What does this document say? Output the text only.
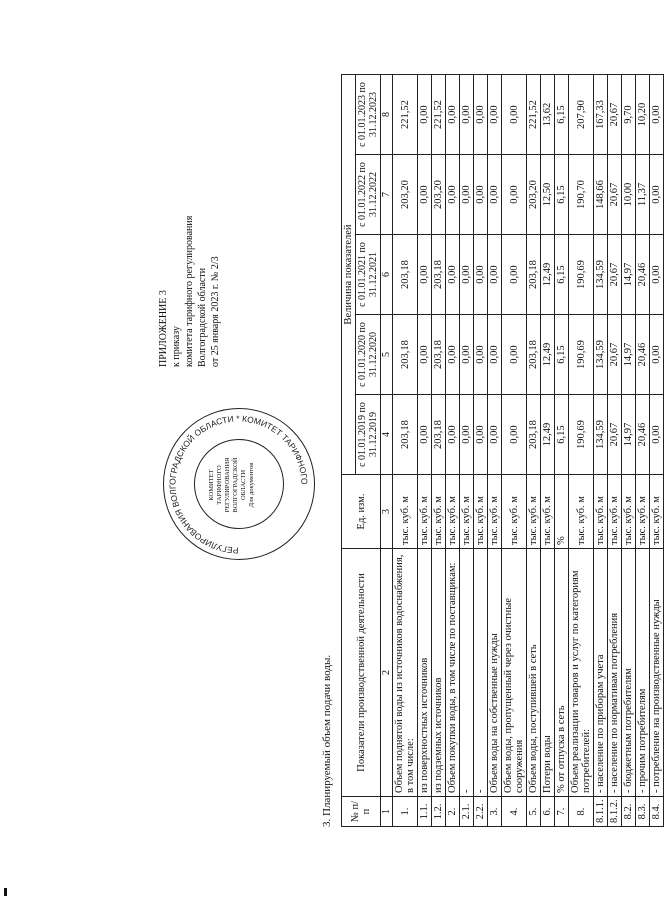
ПРИЛОЖЕНИЕ 3 к приказу комитета тарифного регулирования Волгоградской области от 25 января 2023 г. № 2/3
РЕГУЛИРОВАНИЯ ВОЛГОГРАДСКОЙ ОБЛАСТИ * КОМИТЕТ ТАРИФНОГО
КОМИТЕТ ТАРИФНОГО РЕГУЛИРОВАНИЯ ВОЛГОГРАДСКОЙ ОБЛАСТИ Для документов
3. Планируемый объем подачи воды. № п/п	Показатели производственной деятельности	Ед. изм.	Величина показателей				
			с 01.01.2019 по 31.12.2019	с 01.01.2020 по 31.12.2020	с 01.01.2021 по 31.12.2021	с 01.01.2022 по 31.12.2022	с 01.01.2023 по 31.12.2023
1	2	3	4	5	6	7	8
1.	Объем поднятой воды из источников водоснабжения, в том числе:	тыс. куб. м	203,18	203,18	203,18	203,20	221,52
1.1.	из поверхностных источников	тыс. куб. м	0,00	0,00	0,00	0,00	0,00
1.2.	из подземных источников	тыс. куб. м	203,18	203,18	203,18	203,20	221,52
2.	Объем покупки воды, в том числе по поставщикам:	тыс. куб. м	0,00	0,00	0,00	0,00	0,00
2.1.	-	тыс. куб. м	0,00	0,00	0,00	0,00	0,00
2.2.	-	тыс. куб. м	0,00	0,00	0,00	0,00	0,00
3.	Объем воды на собственные нужды	тыс. куб. м	0,00	0,00	0,00	0,00	0,00
4.	Объем воды, пропущенный через очистные сооружения	тыс. куб. м	0,00	0,00	0,00	0,00	0,00
5.	Объем воды, поступившей в сеть	тыс. куб. м	203,18	203,18	203,18	203,20	221,52
6.	Потери воды	тыс. куб. м	12,49	12,49	12,49	12,50	13,62
7.	% от отпуска в сеть	%	6,15	6,15	6,15	6,15	6,15
8.	Объем реализации товаров и услуг по категориям потребителей:	тыс. куб. м	190,69	190,69	190,69	190,70	207,90
8.1.1.	- население по приборам учета	тыс. куб. м	134,59	134,59	134,59	148,66	167,33
8.1.2.	- население по нормативам потребления	тыс. куб. м	20,67	20,67	20,67	20,67	20,67
8.2.	- бюджетным потребителям	тыс. куб. м	14,97	14,97	14,97	10,00	9,70
8.3.	- прочим потребителям	тыс. куб. м	20,46	20,46	20,46	11,37	10,20
8.4.	- потребление на производственные нужды	тыс. куб. м	0,00	0,00	0,00	0,00	0,00
